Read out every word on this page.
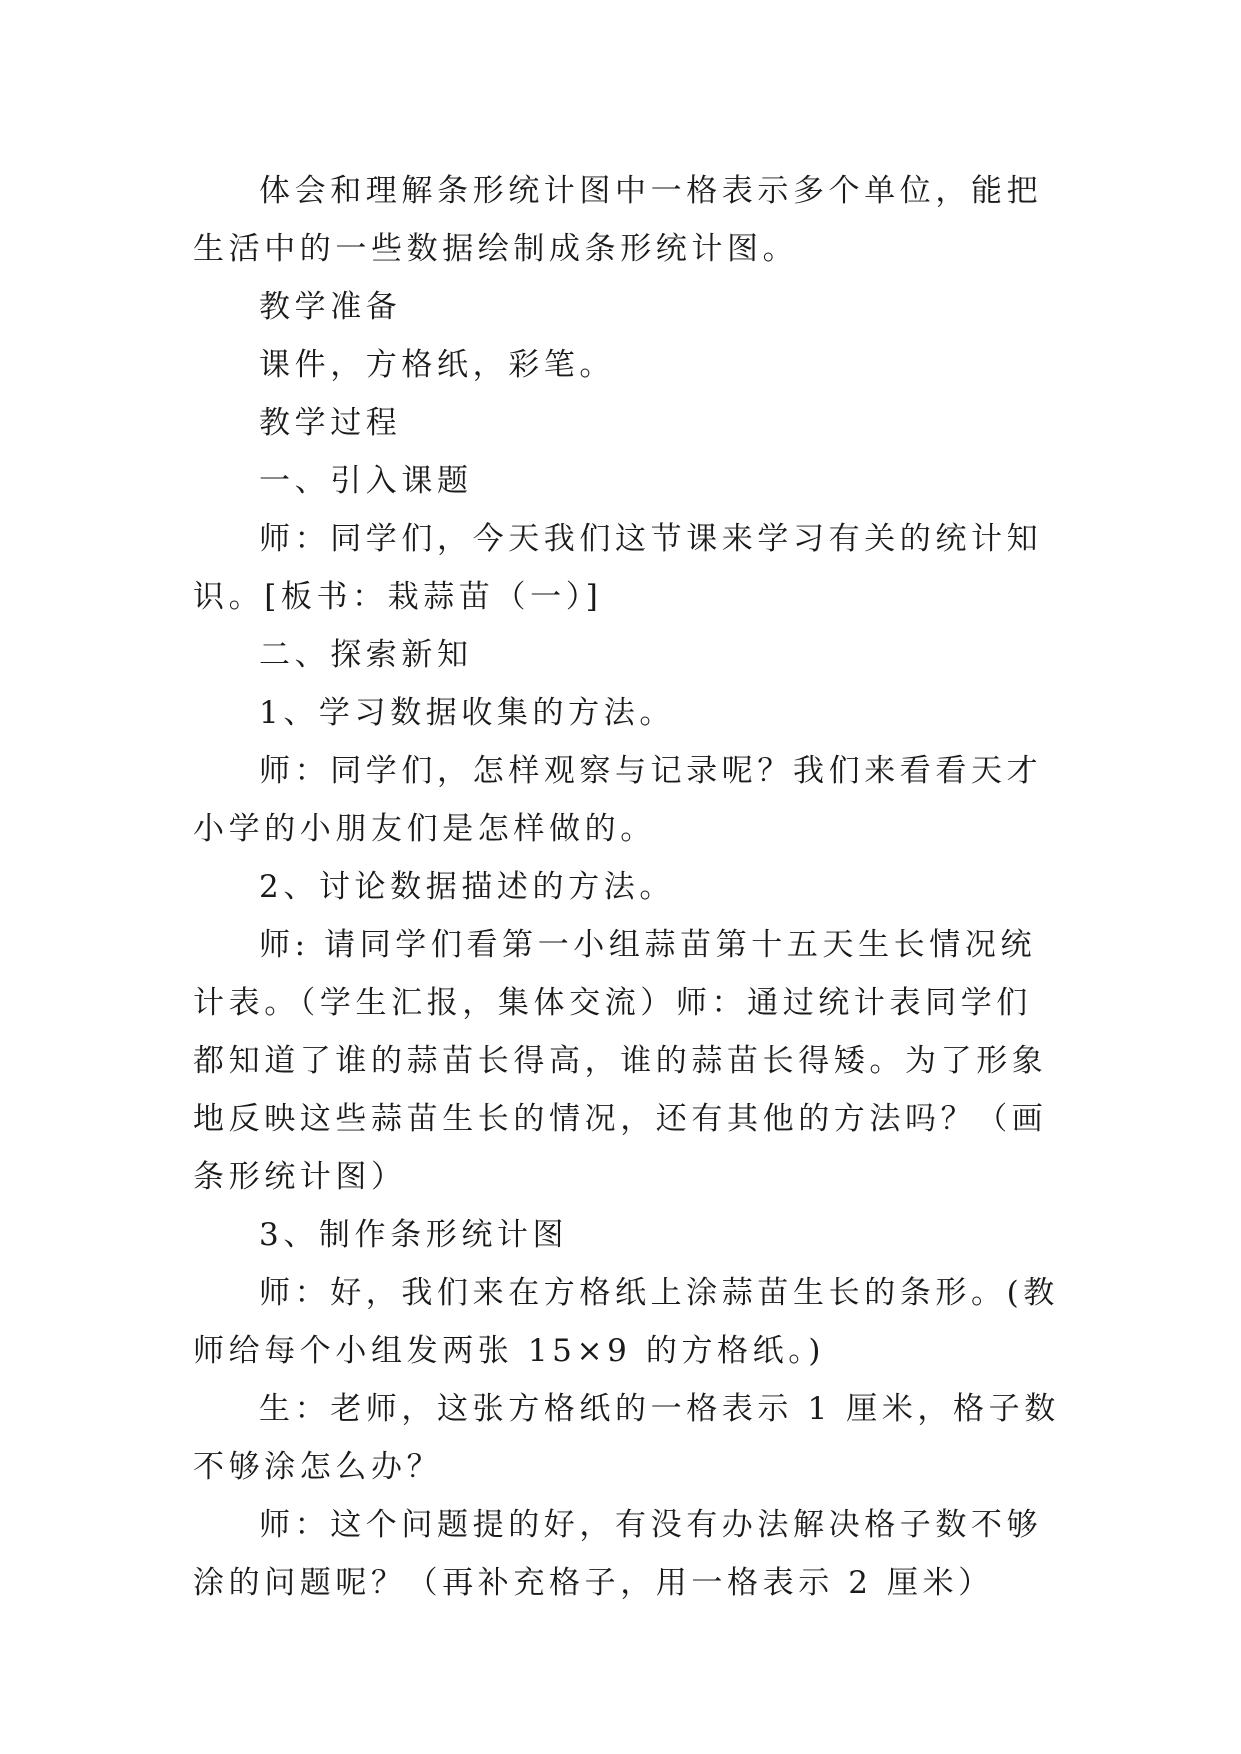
体会和理解条形统计图中一格表示多个单位，能把生活中的一些数据绘制成条形统计图。

教学准备

课件，方格纸，彩笔。

教学过程

一、引入课题

师：同学们，今天我们这节课来学习有关的统计知识。[板书：栽蒜苗（一）]

二、探索新知

1、学习数据收集的方法。

师：同学们，怎样观察与记录呢？我们来看看天才小学的小朋友们是怎样做的。

2、讨论数据描述的方法。

师: 请同学们看第一小组蒜苗第十五天生长情况统计表。（学生汇报，集体交流）师：通过统计表同学们都知道了谁的蒜苗长得高，谁的蒜苗长得矮。为了形象地反映这些蒜苗生长的情况，还有其他的方法吗？（画条形统计图）

3、制作条形统计图

师：好，我们来在方格纸上涂蒜苗生长的条形。(教师给每个小组发两张 15×9 的方格纸。)

生：老师，这张方格纸的一格表示 1 厘米，格子数不够涂怎么办？

师：这个问题提的好，有没有办法解决格子数不够涂的问题呢？（再补充格子，用一格表示 2 厘米）
